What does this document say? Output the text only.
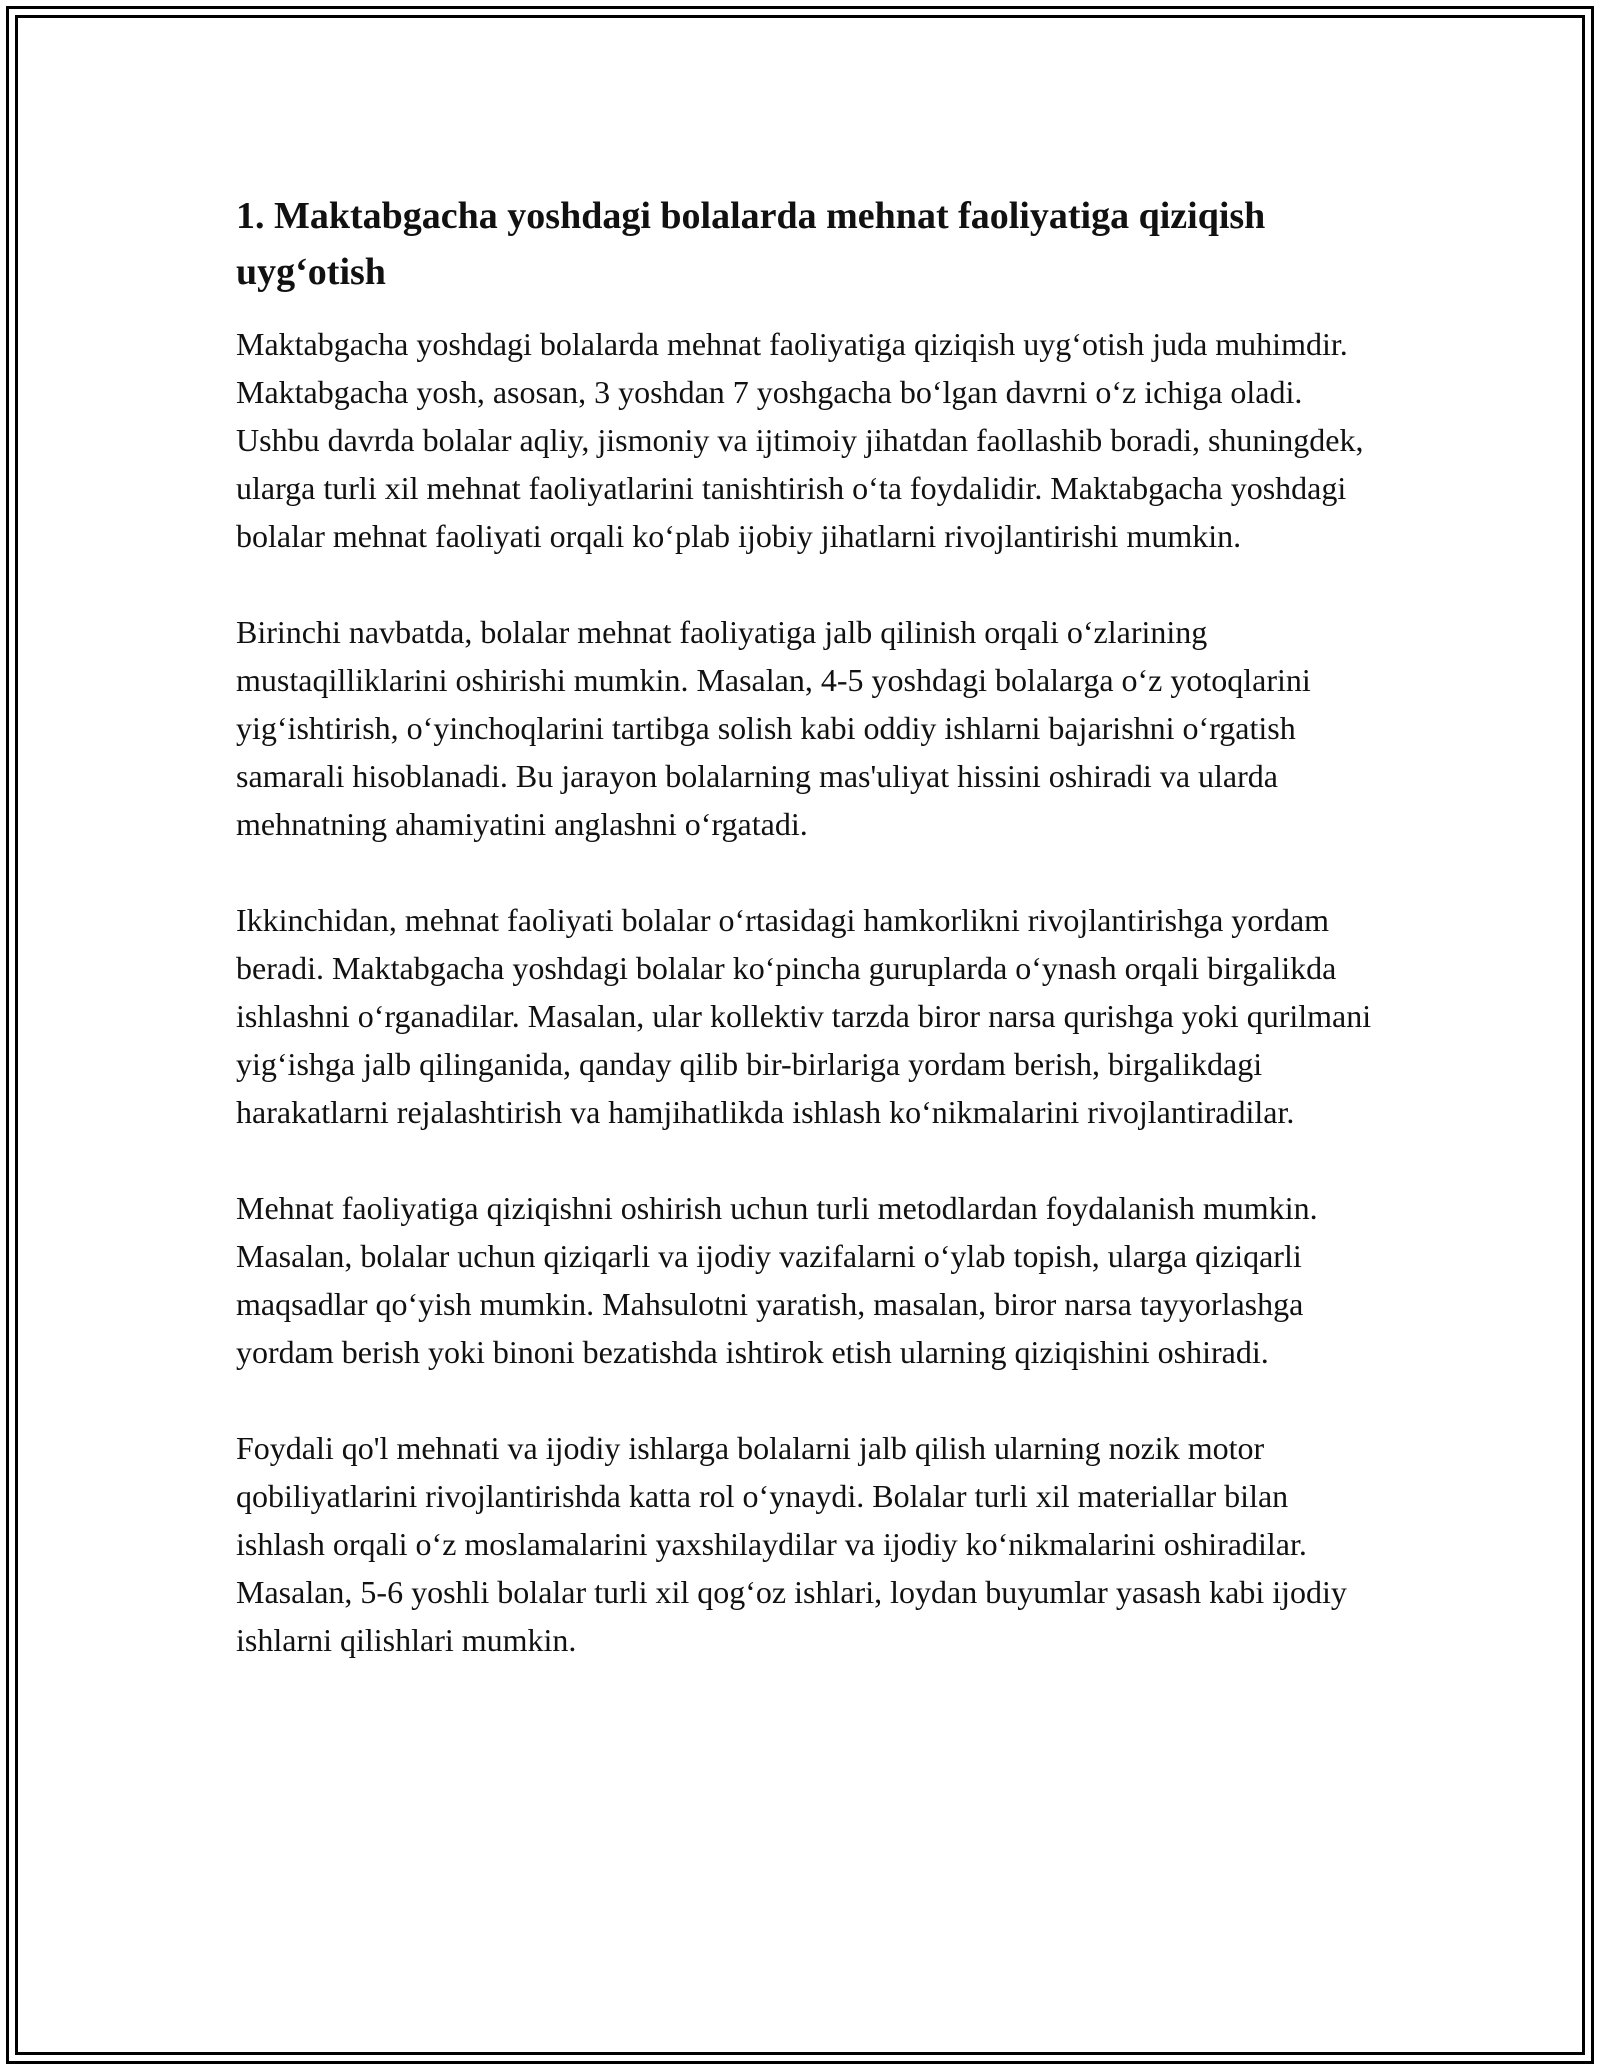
1. Maktabgacha yoshdagi bolalarda mehnat faoliyatiga qiziqish uyg‘otish

Maktabgacha yoshdagi bolalarda mehnat faoliyatiga qiziqish uyg‘otish juda muhimdir. Maktabgacha yosh, asosan, 3 yoshdan 7 yoshgacha bo‘lgan davrni o‘z ichiga oladi. Ushbu davrda bolalar aqliy, jismoniy va ijtimoiy jihatdan faollashib boradi, shuningdek, ularga turli xil mehnat faoliyatlarini tanishtirish o‘ta foydalidir. Maktabgacha yoshdagi bolalar mehnat faoliyati orqali ko‘plab ijobiy jihatlarni rivojlantirishi mumkin.

Birinchi navbatda, bolalar mehnat faoliyatiga jalb qilinish orqali o‘zlarining mustaqilliklarini oshirishi mumkin. Masalan, 4-5 yoshdagi bolalarga o‘z yotoqlarini yig‘ishtirish, o‘yinchoqlarini tartibga solish kabi oddiy ishlarni bajarishni o‘rgatish samarali hisoblanadi. Bu jarayon bolalarning mas'uliyat hissini oshiradi va ularda mehnatning ahamiyatini anglashni o‘rgatadi.

Ikkinchidan, mehnat faoliyati bolalar o‘rtasidagi hamkorlikni rivojlantirishga yordam beradi. Maktabgacha yoshdagi bolalar ko‘pincha guruplarda o‘ynash orqali birgalikda ishlashni o‘rganadilar. Masalan, ular kollektiv tarzda biror narsa qurishga yoki qurilmani yig‘ishga jalb qilinganida, qanday qilib bir-birlariga yordam berish, birgalikdagi harakatlarni rejalashtirish va hamjihatlikda ishlash ko‘nikmalarini rivojlantiradilar.

Mehnat faoliyatiga qiziqishni oshirish uchun turli metodlardan foydalanish mumkin. Masalan, bolalar uchun qiziqarli va ijodiy vazifalarni o‘ylab topish, ularga qiziqarli maqsadlar qo‘yish mumkin. Mahsulotni yaratish, masalan, biror narsa tayyorlashga yordam berish yoki binoni bezatishda ishtirok etish ularning qiziqishini oshiradi.

Foydali qo'l mehnati va ijodiy ishlarga bolalarni jalb qilish ularning nozik motor qobiliyatlarini rivojlantirishda katta rol o‘ynaydi. Bolalar turli xil materiallar bilan ishlash orqali o‘z moslamalarini yaxshilaydilar va ijodiy ko‘nikmalarini oshiradilar. Masalan, 5-6 yoshli bolalar turli xil qog‘oz ishlari, loydan buyumlar yasash kabi ijodiy ishlarni qilishlari mumkin.
